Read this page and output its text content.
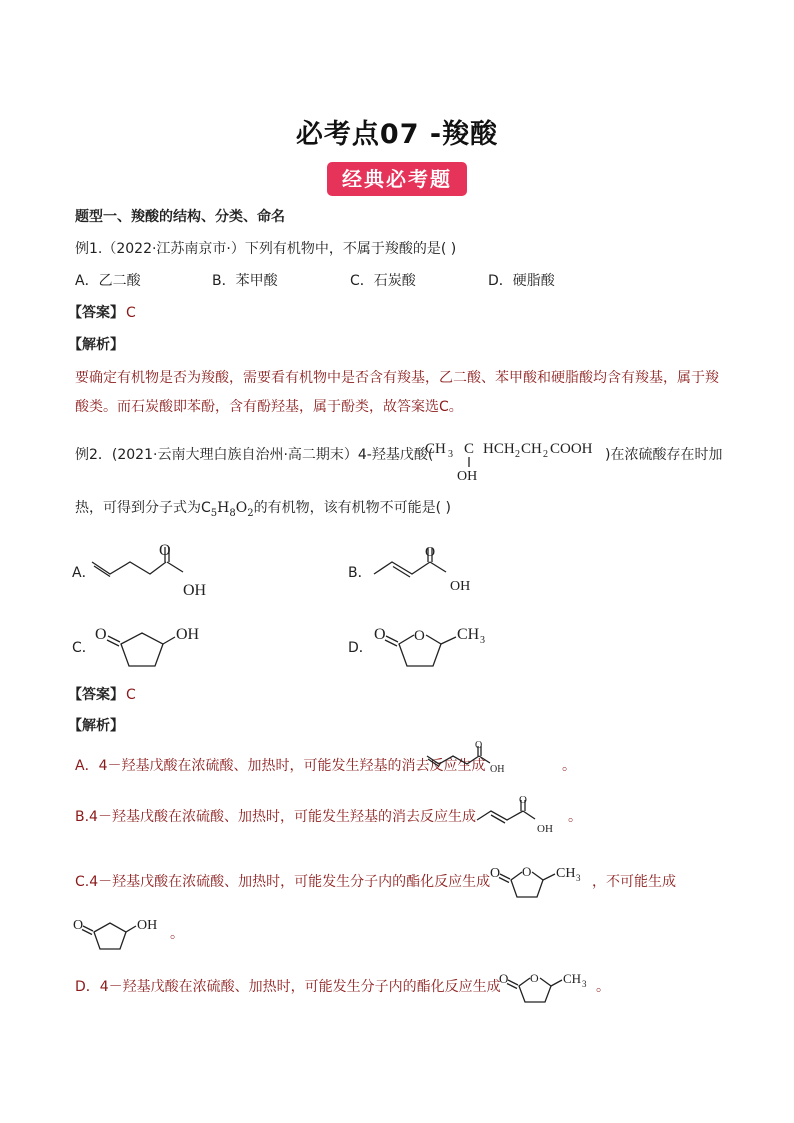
必考点07 -羧酸
经典必考题
题型一、羧酸的结构、分类、命名
例1.（2022·江苏南京市·）下列有机物中，不属于羧酸的是( )
A．乙二酸	B．苯甲酸	C．石炭酸	D．硬脂酸
【答案】 C
【解析】
要确定有机物是否为羧酸，需要看有机物中是否含有羧基，乙二酸、苯甲酸和硬脂酸均含有羧基，属于羧
酸类。而石炭酸即苯酚，含有酚羟基，属于酚类，故答案选C。
例2．(2021·云南大理白族自治州·高二期末）4-羟基戊酸(
CH 3 C
OH
HCH 2 CH 2 COOH )在浓硫酸存在时加
热，可得到分子式为$C_5H_8O_2$的有机物，该有机物不可能是( )
A．
O
OH
B．
O
OH
C．
O	OH
D．
O O CH 3
【答案】 C
【解析】
A．4－羟基戊酸在浓硫酸、加热时，可能发生羟基的消去反应生成
O
OH	。
B.4－羟基戊酸在浓硫酸、加热时，可能发生羟基的消去反应生成
O
OH
。
C.4－羟基戊酸在浓硫酸、加热时，可能发生分子内的酯化反应生成
O O CH 3 ，不可能生成
O	OH
。
D．4－羟基戊酸在浓硫酸、加热时，可能发生分子内的酯化反应生成
O O CH 3 。
